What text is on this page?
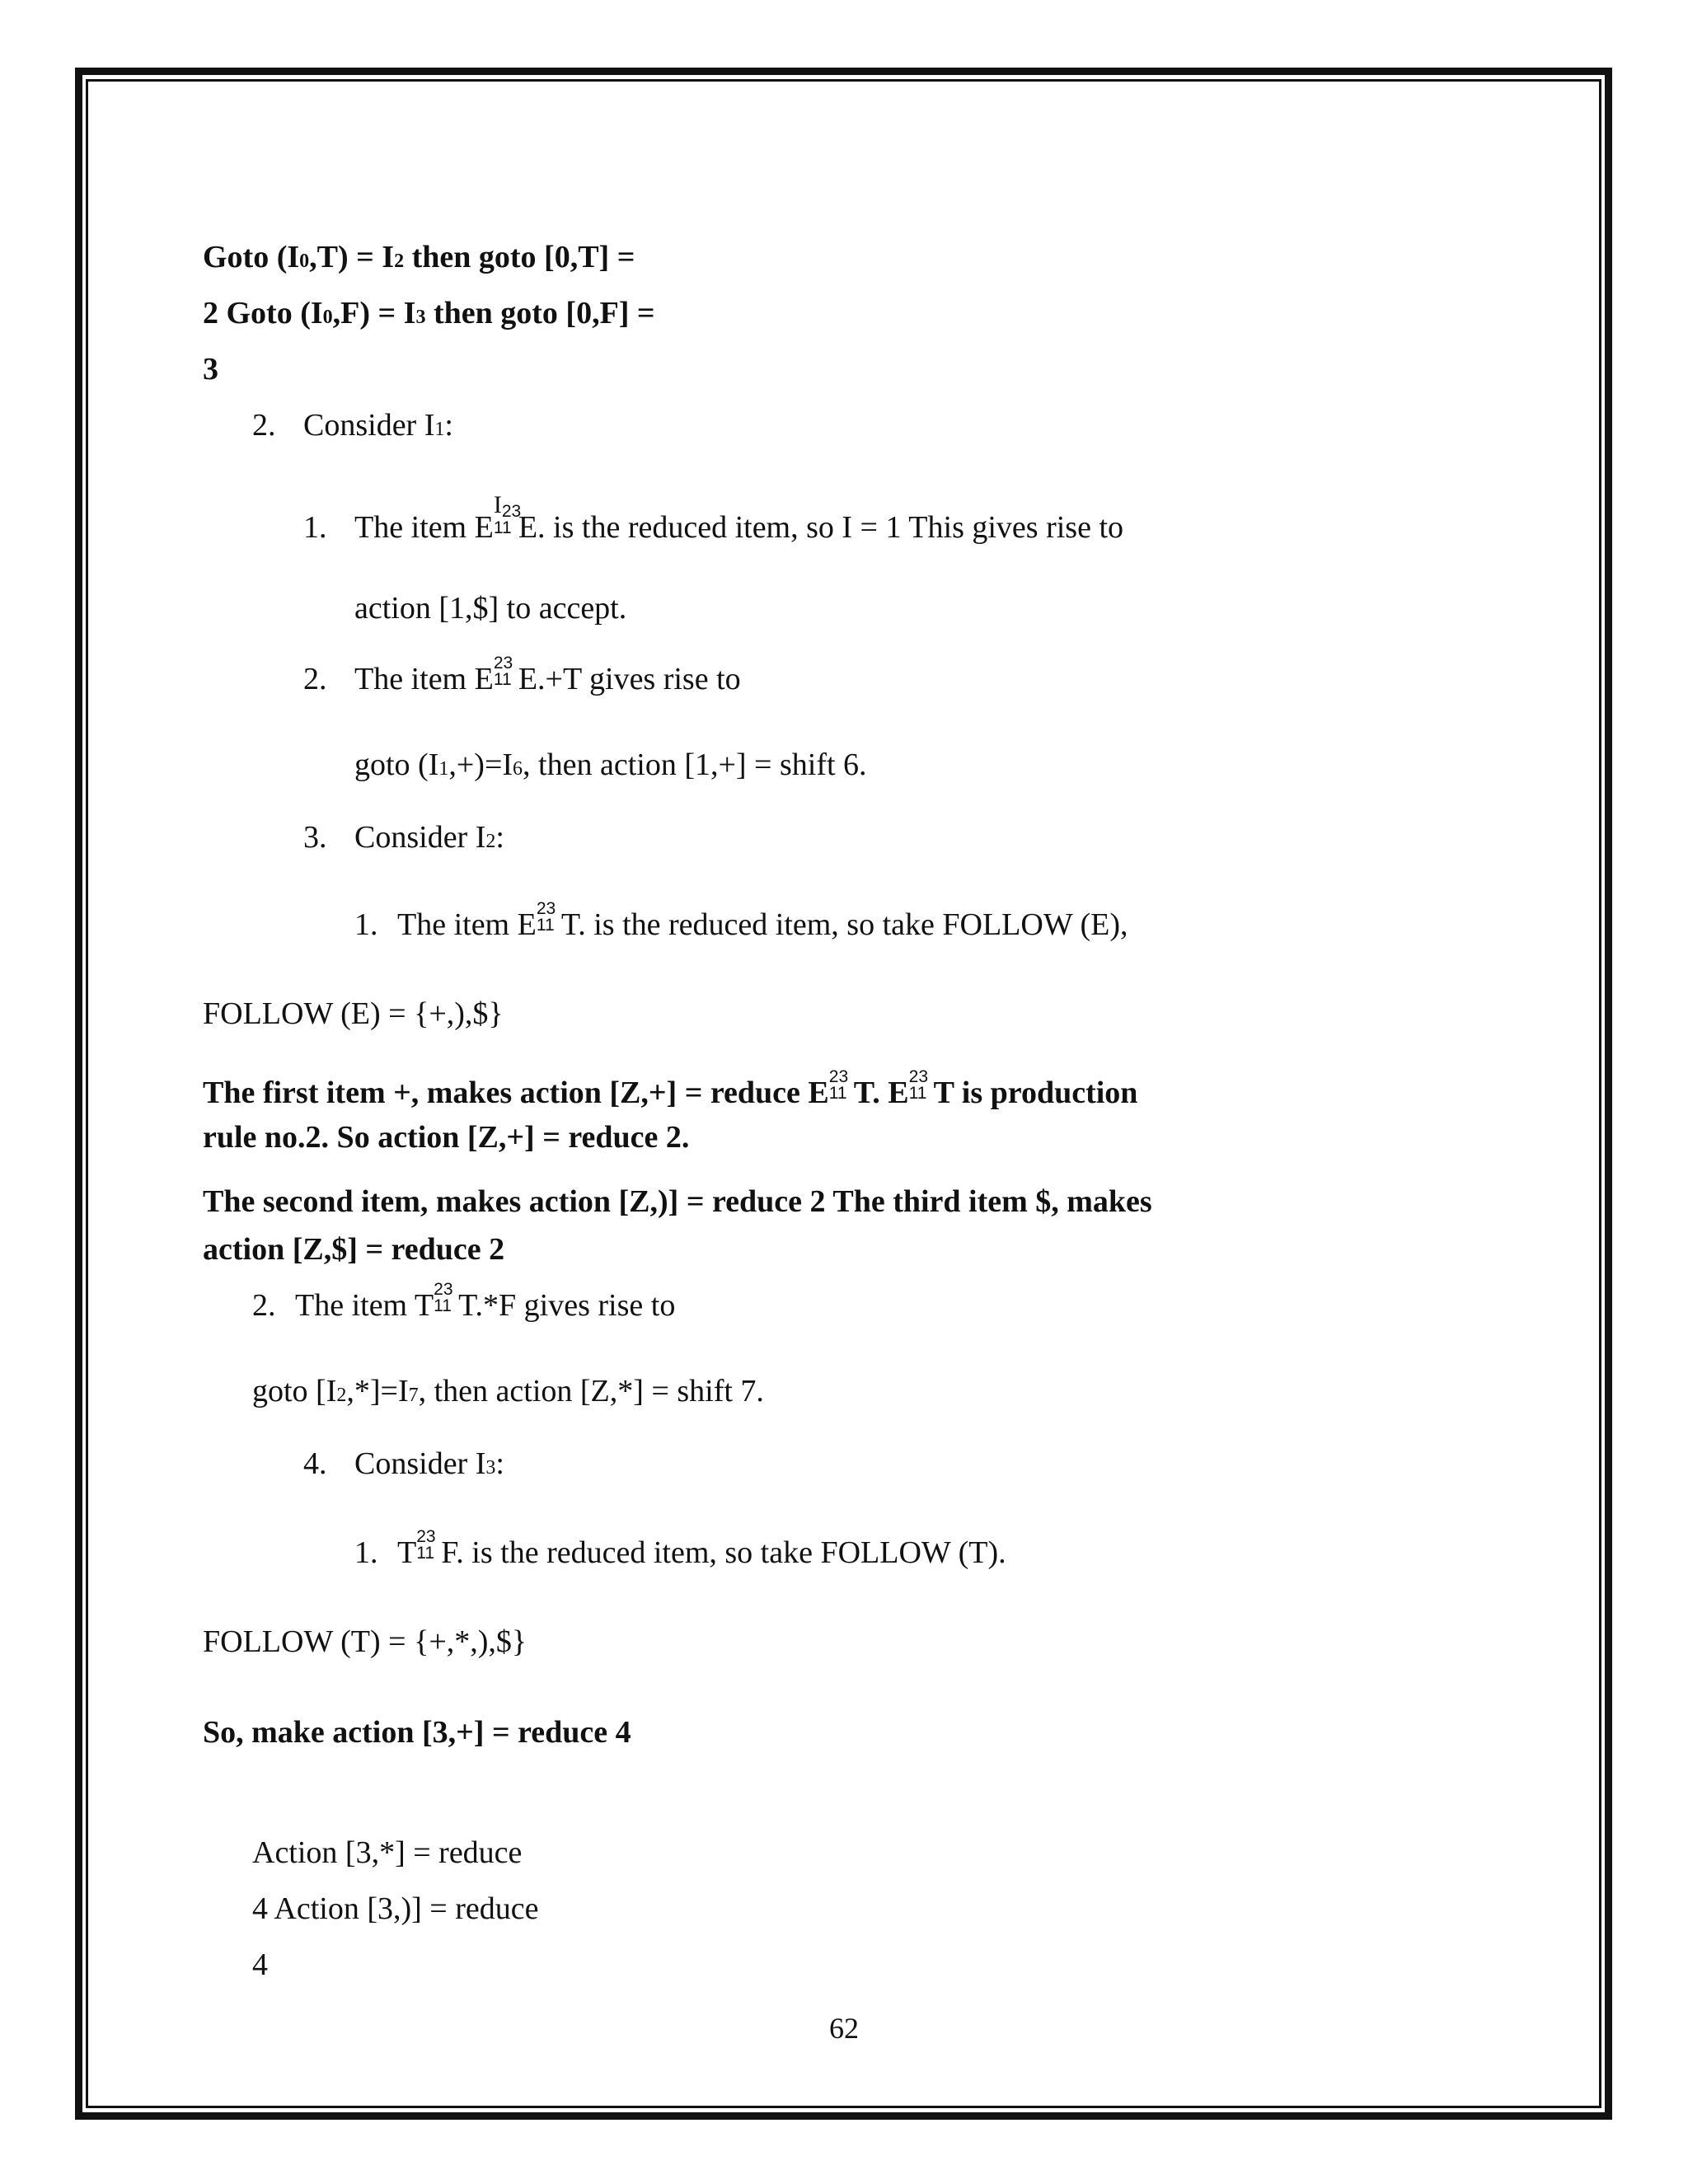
Goto (I0,T) = I2 then goto [0,T] =
2 Goto (I0,F) = I3 then goto [0,F] =
3
2. Consider I1:
1. The item E
I 23
11 E. is the reduced item, so I = 1 This gives rise to
action [1,$] to accept.
2. The item E 23
11 E.+T gives rise to
goto (I1,+)=I6, then action [1,+] = shift 6.
3. Consider I2:
1. The item E 23
11 T. is the reduced item, so take FOLLOW (E),
FOLLOW (E) = {+,),$}
The first item +, makes action [Z,+] = reduce E 23
11 T. E 23
11 T is production
rule no.2. So action [Z,+] = reduce 2.
The second item, makes action [Z,)] = reduce 2 The third item $, makes
action [Z,$] = reduce 2
2. The item T 23
11 T.*F gives rise to
goto [I2,*]=I7, then action [Z,*] = shift 7.
4. Consider I3:
1. T 23
11 F. is the reduced item, so take FOLLOW (T).
FOLLOW (T) = {+,*,),$}
So, make action [3,+] = reduce 4
Action [3,*] = reduce
4 Action [3,)] = reduce
4
62
